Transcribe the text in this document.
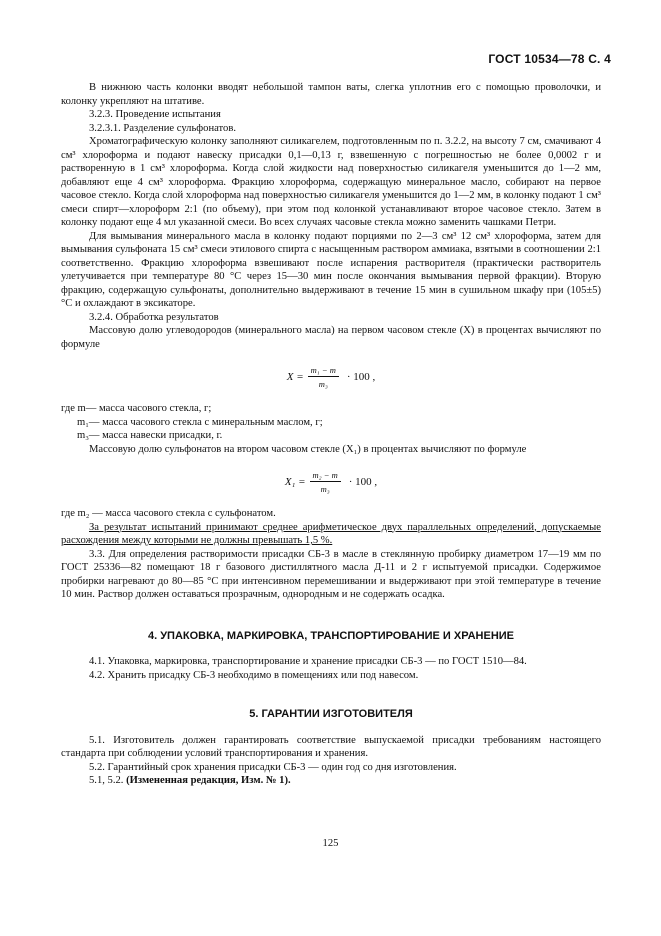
ГОСТ 10534—78 С. 4

В нижнюю часть колонки вводят небольшой тампон ваты, слегка уплотнив его с помощью проволочки, и колонку укрепляют на штативе.

3.2.3. Проведение испытания

3.2.3.1. Разделение сульфонатов.

Хроматографическую колонку заполняют силикагелем, подготовленным по п. 3.2.2, на высоту 7 см, смачивают 4 см³ хлороформа и подают навеску присадки 0,1—0,13 г, взвешенную с погрешностью не более 0,0002 г и растворенную в 1 см³ хлороформа. Когда слой жидкости над поверхностью силикагеля уменьшится до 1—2 мм, добавляют еще 4 см³ хлороформа. Фракцию хлороформа, содержащую минеральное масло, собирают на первое часовое стекло. Когда слой хлороформа над поверхностью силикагеля уменьшится до 1—2 мм, в колонку подают 1 см³ смеси спирт—хлороформ 2:1 (по объему), при этом под колонкой устанавливают второе часовое стекло. Затем в колонку подают еще 4 мл указанной смеси. Во всех случаях часовые стекла можно заменить чашками Петри.

Для вымывания минерального масла в колонку подают порциями по 2—3 см³ 12 см³ хлороформа, затем для вымывания сульфоната 15 см³ смеси этилового спирта с насыщенным раствором аммиака, взятыми в соотношении 2:1 соответственно. Фракцию хлороформа взвешивают после испарения растворителя (практически растворитель улетучивается при температуре 80 °С через 15—30 мин после окончания вымывания первой фракции). Вторую фракцию, содержащую сульфонаты, дополнительно выдерживают в течение 15 мин в сушильном шкафу при (105±5) °С и охлаждают в эксикаторе.

3.2.4. Обработка результатов

Массовую долю углеводородов (минерального масла) на первом часовом стекле (X) в процентах вычисляют по формуле

$X = \frac{\text{m₁ − m}}{\text{m₃}} \cdot 100$ ,

где m— масса часового стекла, г;

m₁— масса часового стекла с минеральным маслом, г;

m₃— масса навески присадки, г.

Массовую долю сульфонатов на втором часовом стекле (X₁) в процентах вычисляют по формуле

$X_1 = \frac{\text{m₂ − m}}{\text{m₃}} \cdot 100$ ,

где m₂ — масса часового стекла с сульфонатом.

За результат испытаний принимают среднее арифметическое двух параллельных определений, допускаемые расхождения между которыми не должны превышать 1,5 %.

3.3. Для определения растворимости присадки СБ-3 в масле в стеклянную пробирку диаметром 17—19 мм по ГОСТ 25336—82 помещают 18 г базового дистиллятного масла Д-11 и 2 г испытуемой присадки. Содержимое пробирки нагревают до 80—85 °С при интенсивном перемешивании и выдерживают при этой температуре в течение 10 мин. Раствор должен оставаться прозрачным, однородным и не содержать осадка.

4. УПАКОВКА, МАРКИРОВКА, ТРАНСПОРТИРОВАНИЕ И ХРАНЕНИЕ

4.1. Упаковка, маркировка, транспортирование и хранение присадки СБ-3 — по ГОСТ 1510—84.

4.2. Хранить присадку СБ-3 необходимо в помещениях или под навесом.

5. ГАРАНТИИ ИЗГОТОВИТЕЛЯ

5.1. Изготовитель должен гарантировать соответствие выпускаемой присадки требованиям настоящего стандарта при соблюдении условий транспортирования и хранения.

5.2. Гарантийный срок хранения присадки СБ-3 — один год со дня изготовления.

5.1, 5.2. (Измененная редакция, Изм. № 1).

125
